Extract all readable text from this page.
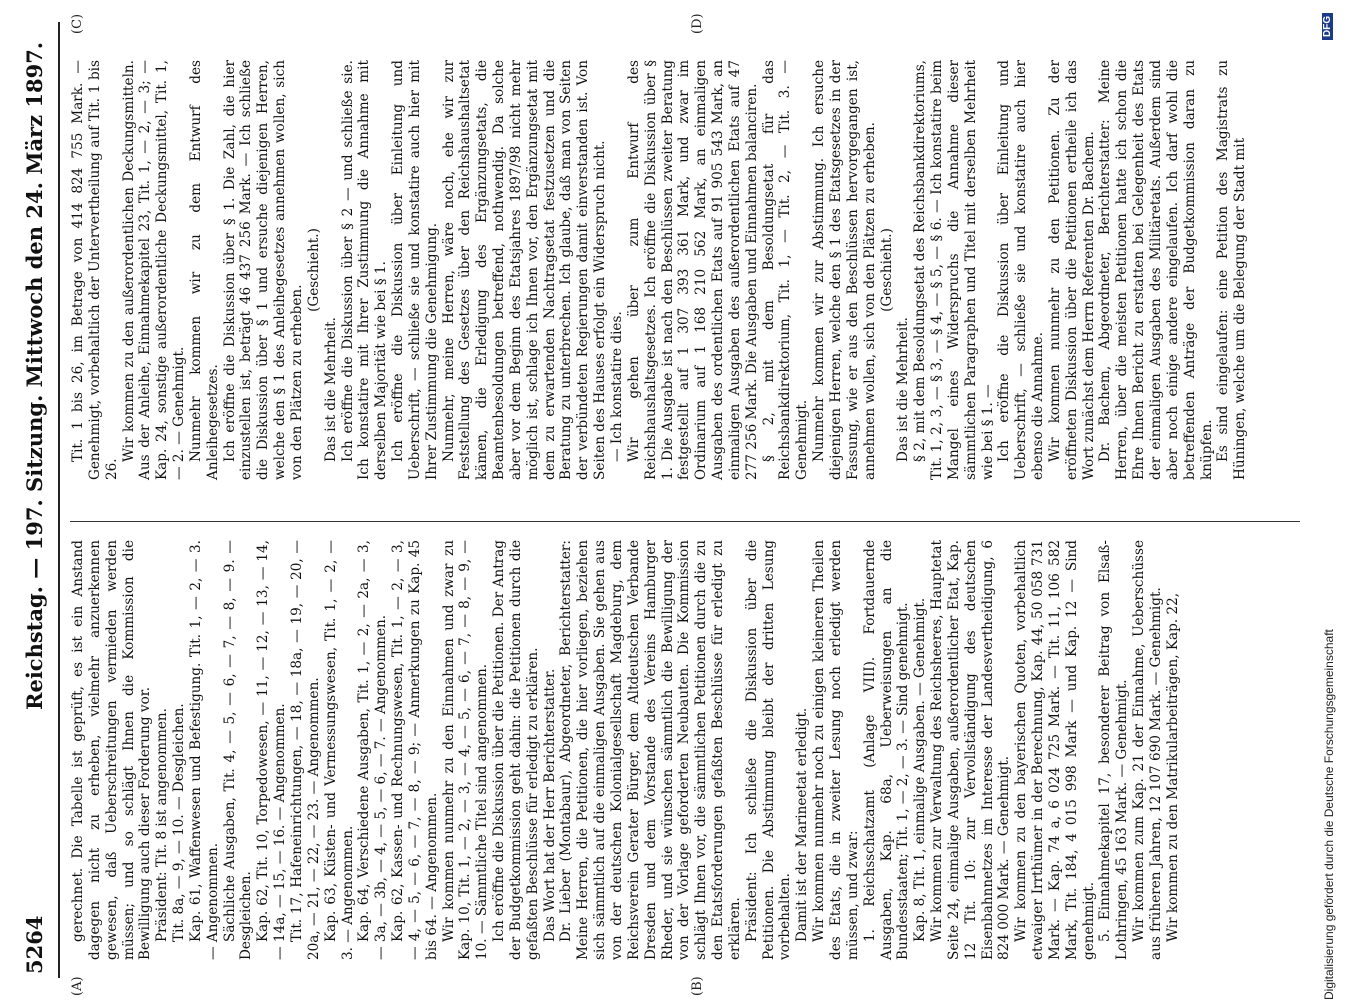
5264
Reichstag. — 197. Sitzung. Mittwoch den 24. März 1897.
(A)	(B)
(C)	(D)

gerechnet. Die Tabelle ist geprüft, es ist ein Anstand dagegen nicht zu erheben, vielmehr anzuerkennen gewesen, daß Ueberschreitungen vermieden werden müssen; und so schlägt Ihnen die Kommission die Bewilligung auch dieser Forderung vor. Präsident: Tit. 8 ist angenommen. Tit. 8a, — 9, — 10. — Desgleichen. Kap. 61, Waffenwesen und Befestigung. Tit. 1, — 2, — 3. — Angenommen. Sächliche Ausgaben, Tit. 4, — 5, — 6, — 7, — 8, — 9. — Desgleichen. Kap. 62, Tit. 10, Torpedowesen, — 11, — 12, — 13, — 14, — 14a, — 15, — 16. — Angenommen. Tit. 17, Hafeneinrichtungen, — 18, — 18a, — 19, — 20, — 20a, — 21, — 22, — 23. — Angenommen. Kap. 63, Küsten- und Vermessungswesen, Tit. 1, — 2, — 3. — Angenommen. Kap. 64, Verschiedene Ausgaben, Tit. 1, — 2, — 2a, — 3, — 3a, — 3b, — 4, — 5, — 6, — 7. — Angenommen. Kap. 62, Kassen- und Rechnungswesen, Tit. 1, — 2, — 3, — 4, — 5, — 6, — 7, — 8, — 9; — Anmerkungen zu Kap. 45 bis 64. — Angenommen. Wir kommen nunmehr zu den Einnahmen und zwar zu Kap. 10, Tit. 1, — 2, — 3, — 4, — 5, — 6, — 7, — 8, — 9, — 10. — Sämmtliche Titel sind angenommen. Ich eröffne die Diskussion über die Petitionen. Der Antrag der Budgetkommission geht dahin: die Petitionen durch die gefaßten Beschlüsse für erledigt zu erklären. Das Wort hat der Herr Berichterstatter. Dr. Lieber (Montabaur), Abgeordneter, Berichterstatter: Meine Herren, die Petitionen, die hier vorliegen, beziehen sich sämmtlich auf die einmaligen Ausgaben. Sie gehen aus von der deutschen Kolonialgesellschaft Magdeburg, dem Reichsverein Gerater Bürger, dem Altdeutschen Verbande Dresden und dem Vorstande des Vereins Hamburger Rheder, und sie wünschen sämmtlich die Bewilligung der von der Vorlage geforderten Neubauten. Die Kommission schlägt Ihnen vor, die sämmtlichen Petitionen durch die zu den Etatsforderungen gefaßten Beschlüsse für erledigt zu erklären. Präsident: Ich schließe die Diskussion über die Petitionen. Die Abstimmung bleibt der dritten Lesung vorbehalten. Damit ist der Marineetat erledigt. Wir kommen nunmehr noch zu einigen kleineren Theilen des Etats, die in zweiter Lesung noch erledigt werden müssen, und zwar: 1. Reichsschatzamt (Anlage VIII). Fortdauernde Ausgaben, Kap. 68a, Ueberweisungen an die Bundesstaaten; Tit. 1, — 2, — 3. — Sind genehmigt. Kap. 8, Tit. 1, einmalige Ausgaben. — Genehmigt. Wir kommen zur Verwaltung des Reichsheeres, Hauptetat Seite 24, einmalige Ausgaben, außerordentlicher Etat, Kap. 12 Tit. 10: zur Vervollständigung des deutschen Eisenbahnnetzes im Interesse der Landesvertheidigung, 6 824 000 Mark. — Genehmigt. Wir kommen zu den bayerischen Quoten, vorbehaltlich etwaiger Irrthümer in der Berechnung, Kap. 44, 50 058 731 Mark. — Kap. 74 a, 6 024 725 Mark. — Tit. 11, 106 582 Mark, Tit. 184, 4 015 998 Mark — und Kap. 12 — Sind genehmigt. 5. Einnahmekapitel 17, besonderer Beitrag von Elsaß-Lothringen, 45 163 Mark. — Genehmigt. Wir kommen zum Kap. 21 der Einnahme, Ueberschüsse aus früheren Jahren, 12 107 690 Mark. — Genehmigt. Wir kommen zu den Matrikularbeiträgen, Kap. 22,

Tit. 1 bis 26, im Betrage von 414 824 755 Mark. — Genehmigt, vorbehaltlich der Untervertheilung auf Tit. 1 bis 26.

Wir kommen zu den außerordentlichen Deckungsmitteln. Aus der Anleihe, Einnahmekapitel 23, Tit. 1, — 2, — 3; — Kap. 24, sonstige außerordentliche Deckungsmittel, Tit. 1, — 2. — Genehmigt. Nunmehr kommen wir zu dem Entwurf des Anleihegesetzes. Ich eröffne die Diskussion über § 1. Die Zahl, die hier einzustellen ist, beträgt 46 437 256 Mark. — Ich schließe die Diskussion über § 1 und ersuche diejenigen Herren, welche den § 1 des Anleihegesetzes annehmen wollen, sich von den Plätzen zu erheben.

(Geschieht.)

Das ist die Mehrheit. Ich eröffne die Diskussion über § 2 — und schließe sie. Ich konstatire mit Ihrer Zustimmung die Annahme mit derselben Majorität wie bei § 1. Ich eröffne die Diskussion über Einleitung und Ueberschrift, — schließe sie und konstatire auch hier mit Ihrer Zustimmung die Genehmigung. Nunmehr, meine Herren, wäre noch, ehe wir zur Feststellung des Gesetzes über den Reichshaushaltsetat kämen, die Erledigung des Ergänzungsetats, die Beamtenbesoldungen betreffend, nothwendig. Da solche aber vor dem Beginn des Etatsjahres 1897/98 nicht mehr möglich ist, schlage ich Ihnen vor, den Ergänzungsetat mit dem zu erwartenden Nachtragsetat festzusetzen und die Beratung zu unterbrechen. Ich glaube, daß man von Seiten der verbündeten Regierungen damit einverstanden ist. Von Seiten des Hauses erfolgt ein Widerspruch nicht. — Ich konstatire dies. Wir gehen über zum Entwurf des Reichshaushaltsgesetzes. Ich eröffne die Diskussion über § 1. Die Ausgabe ist nach den Beschlüssen zweiter Beratung festgestellt auf 1 307 393 361 Mark, und zwar im Ordinarium auf 1 168 210 562 Mark, an einmaligen Ausgaben des ordentlichen Etats auf 91 905 543 Mark, an einmaligen Ausgaben des außerordentlichen Etats auf 47 277 256 Mark. Die Ausgaben und Einnahmen balanciren. § 2, mit dem Besoldungsetat für das Reichsbankdirektorium, Tit. 1, — Tit. 2, — Tit. 3. — Genehmigt. Nunmehr kommen wir zur Abstimmung. Ich ersuche diejenigen Herren, welche den § 1 des Etatsgesetzes in der Fassung, wie er aus den Beschlüssen hervorgegangen ist, annehmen wollen, sich von den Plätzen zu erheben. (Geschieht.)

Das ist die Mehrheit. § 2, mit dem Besoldungsetat des Reichsbankdirektoriums, Tit. 1, 2, 3, — § 3, — § 4, — § 5, — § 6. — Ich konstatire beim Mangel eines Widerspruchs die Annahme dieser sämmtlichen Paragraphen und Titel mit derselben Mehrheit wie bei § 1. — Ich eröffne die Diskussion über Einleitung und Ueberschrift, — schließe sie und konstatire auch hier ebenso die Annahme. Wir kommen nunmehr zu den Petitionen. Zu der eröffneten Diskussion über die Petitionen ertheile ich das Wort zunächst dem Herrn Referenten Dr. Bachem. Dr. Bachem, Abgeordneter, Berichterstatter: Meine Herren, über die meisten Petitionen hatte ich schon die Ehre Ihnen Bericht zu erstatten bei Gelegenheit des Etats der einmaligen Ausgaben des Militäretats. Außerdem sind aber noch einige andere eingelaufen. Ich darf wohl die betreffenden Anträge der Budgetkommission daran zu knüpfen. Es sind eingelaufen: eine Petition des Magistrats zu Hüningen, welche um die Belegung der Stadt mit

Digitalisierung gefördert durch die Deutsche Forschungsgemeinschaft
DFG
